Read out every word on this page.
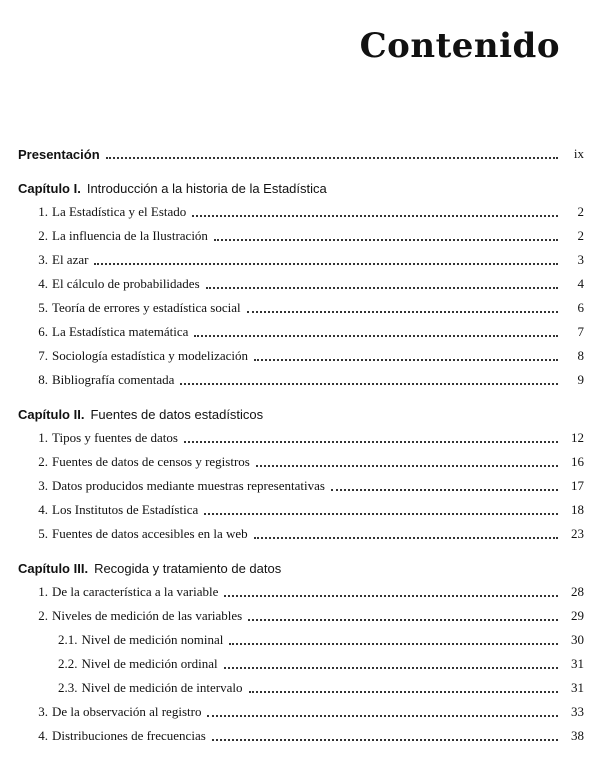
Contenido
Presentación	ix
Capítulo I. Introducción a la historia de la Estadística
1. La Estadística y el Estado	2
2. La influencia de la Ilustración	2
3. El azar	3
4. El cálculo de probabilidades	4
5. Teoría de errores y estadística social	6
6. La Estadística matemática	7
7. Sociología estadística y modelización	8
8. Bibliografía comentada	9
Capítulo II. Fuentes de datos estadísticos
1. Tipos y fuentes de datos	12
2. Fuentes de datos de censos y registros	16
3. Datos producidos mediante muestras representativas	17
4. Los Institutos de Estadística	18
5. Fuentes de datos accesibles en la web	23
Capítulo III. Recogida y tratamiento de datos
1. De la característica a la variable	28
2. Niveles de medición de las variables	29
2.1. Nivel de medición nominal	30
2.2. Nivel de medición ordinal	31
2.3. Nivel de medición de intervalo	31
3. De la observación al registro	33
4. Distribuciones de frecuencias	38
